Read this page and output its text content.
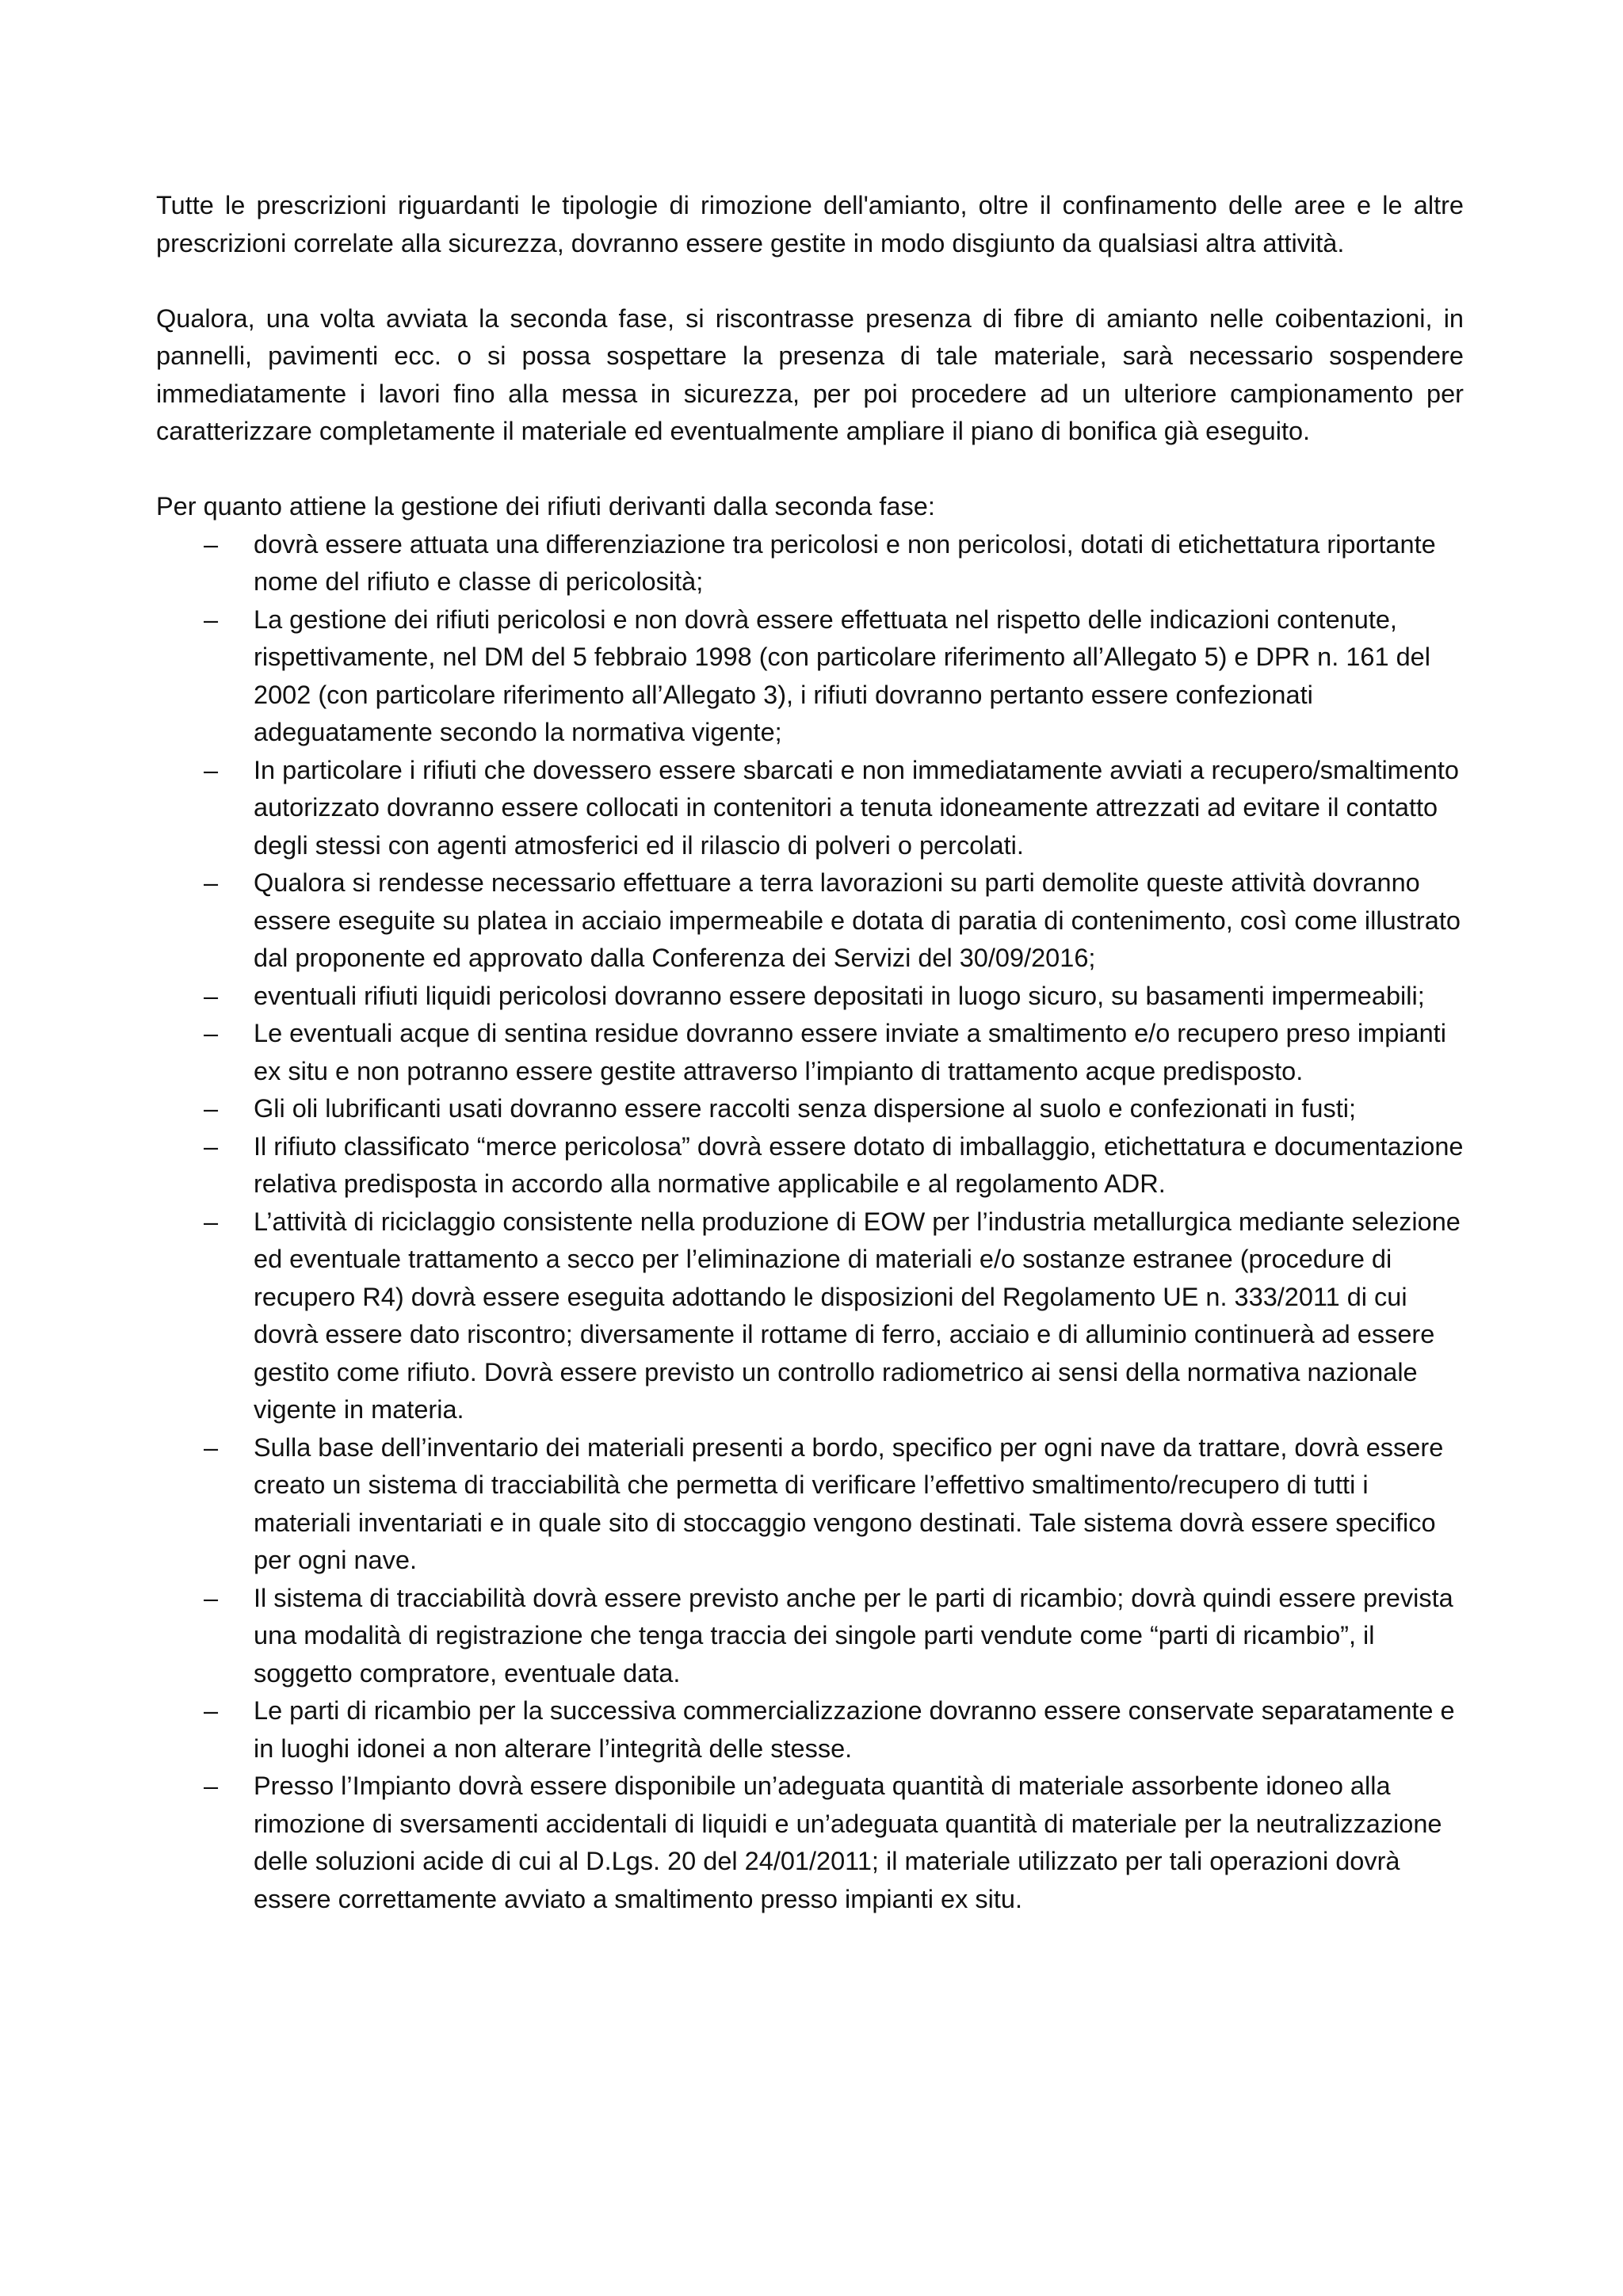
Tutte le prescrizioni riguardanti le tipologie di rimozione dell'amianto, oltre il confinamento delle aree e le altre prescrizioni correlate alla sicurezza, dovranno essere gestite in modo disgiunto da qualsiasi altra attività.

Qualora, una volta avviata la seconda fase, si riscontrasse presenza di fibre di amianto nelle coibentazioni, in pannelli, pavimenti ecc. o si possa sospettare la presenza di tale materiale, sarà necessario sospendere immediatamente i lavori fino alla messa in sicurezza, per poi procedere ad un ulteriore campionamento per caratterizzare completamente il materiale ed eventualmente ampliare il piano di bonifica già eseguito.

Per quanto attiene la gestione dei rifiuti derivanti dalla seconda fase:

–	dovrà essere attuata una differenziazione tra pericolosi e non pericolosi, dotati di etichettatura riportante nome del rifiuto e classe di pericolosità;
–	La gestione dei rifiuti pericolosi e non dovrà essere effettuata nel rispetto delle indicazioni contenute, rispettivamente, nel DM del 5 febbraio 1998 (con particolare riferimento all’Allegato 5) e DPR n. 161 del 2002 (con particolare riferimento all’Allegato 3), i rifiuti dovranno pertanto essere confezionati adeguatamente secondo la normativa vigente;
–	In particolare i rifiuti che dovessero essere sbarcati e non immediatamente avviati a recupero/smaltimento autorizzato dovranno essere collocati in contenitori a tenuta idoneamente attrezzati ad evitare il contatto degli stessi con agenti atmosferici ed il rilascio di polveri o percolati.
–	Qualora si rendesse necessario effettuare a terra lavorazioni su parti demolite queste attività dovranno essere eseguite su platea in acciaio impermeabile e dotata di paratia di contenimento, così come illustrato dal proponente ed approvato dalla Conferenza dei Servizi del 30/09/2016;
–	eventuali rifiuti liquidi pericolosi dovranno essere depositati in luogo sicuro, su basamenti impermeabili;
–	Le eventuali acque di sentina residue dovranno essere inviate a smaltimento e/o recupero preso impianti ex situ e non potranno essere gestite attraverso l’impianto di trattamento acque predisposto.
–	Gli oli lubrificanti usati dovranno essere raccolti senza dispersione al suolo e confezionati in fusti;
–	Il rifiuto classificato “merce pericolosa” dovrà essere dotato di imballaggio, etichettatura e documentazione relativa predisposta in accordo alla normative applicabile e al regolamento ADR.
–	L’attività di riciclaggio consistente nella produzione di EOW per l’industria metallurgica mediante selezione ed eventuale trattamento a secco per l’eliminazione di materiali e/o sostanze estranee (procedure di recupero R4) dovrà essere eseguita adottando le disposizioni del Regolamento UE n. 333/2011 di cui dovrà essere dato riscontro; diversamente il rottame di ferro, acciaio e di alluminio continuerà ad essere gestito come rifiuto. Dovrà essere previsto un controllo radiometrico ai sensi della normativa nazionale vigente in materia.
–	Sulla base dell’inventario dei materiali presenti a bordo, specifico per ogni nave da trattare, dovrà essere creato un sistema di tracciabilità che permetta di verificare l’effettivo smaltimento/recupero di tutti i materiali inventariati e in quale sito di stoccaggio vengono destinati. Tale sistema dovrà essere specifico per ogni nave.
–	Il sistema di tracciabilità dovrà essere previsto anche per le parti di ricambio; dovrà quindi essere prevista una modalità di registrazione che tenga traccia dei singole parti vendute come “parti di ricambio”, il soggetto compratore, eventuale data.
–	Le parti di ricambio per la successiva commercializzazione dovranno essere conservate separatamente e in luoghi idonei a non alterare l’integrità delle stesse.
–	Presso l’Impianto dovrà essere disponibile un’adeguata quantità di materiale assorbente idoneo alla rimozione di sversamenti accidentali di liquidi e un’adeguata quantità di materiale per la neutralizzazione delle soluzioni acide di cui al D.Lgs. 20 del 24/01/2011; il materiale utilizzato per tali operazioni dovrà essere correttamente avviato a smaltimento presso impianti ex situ.
